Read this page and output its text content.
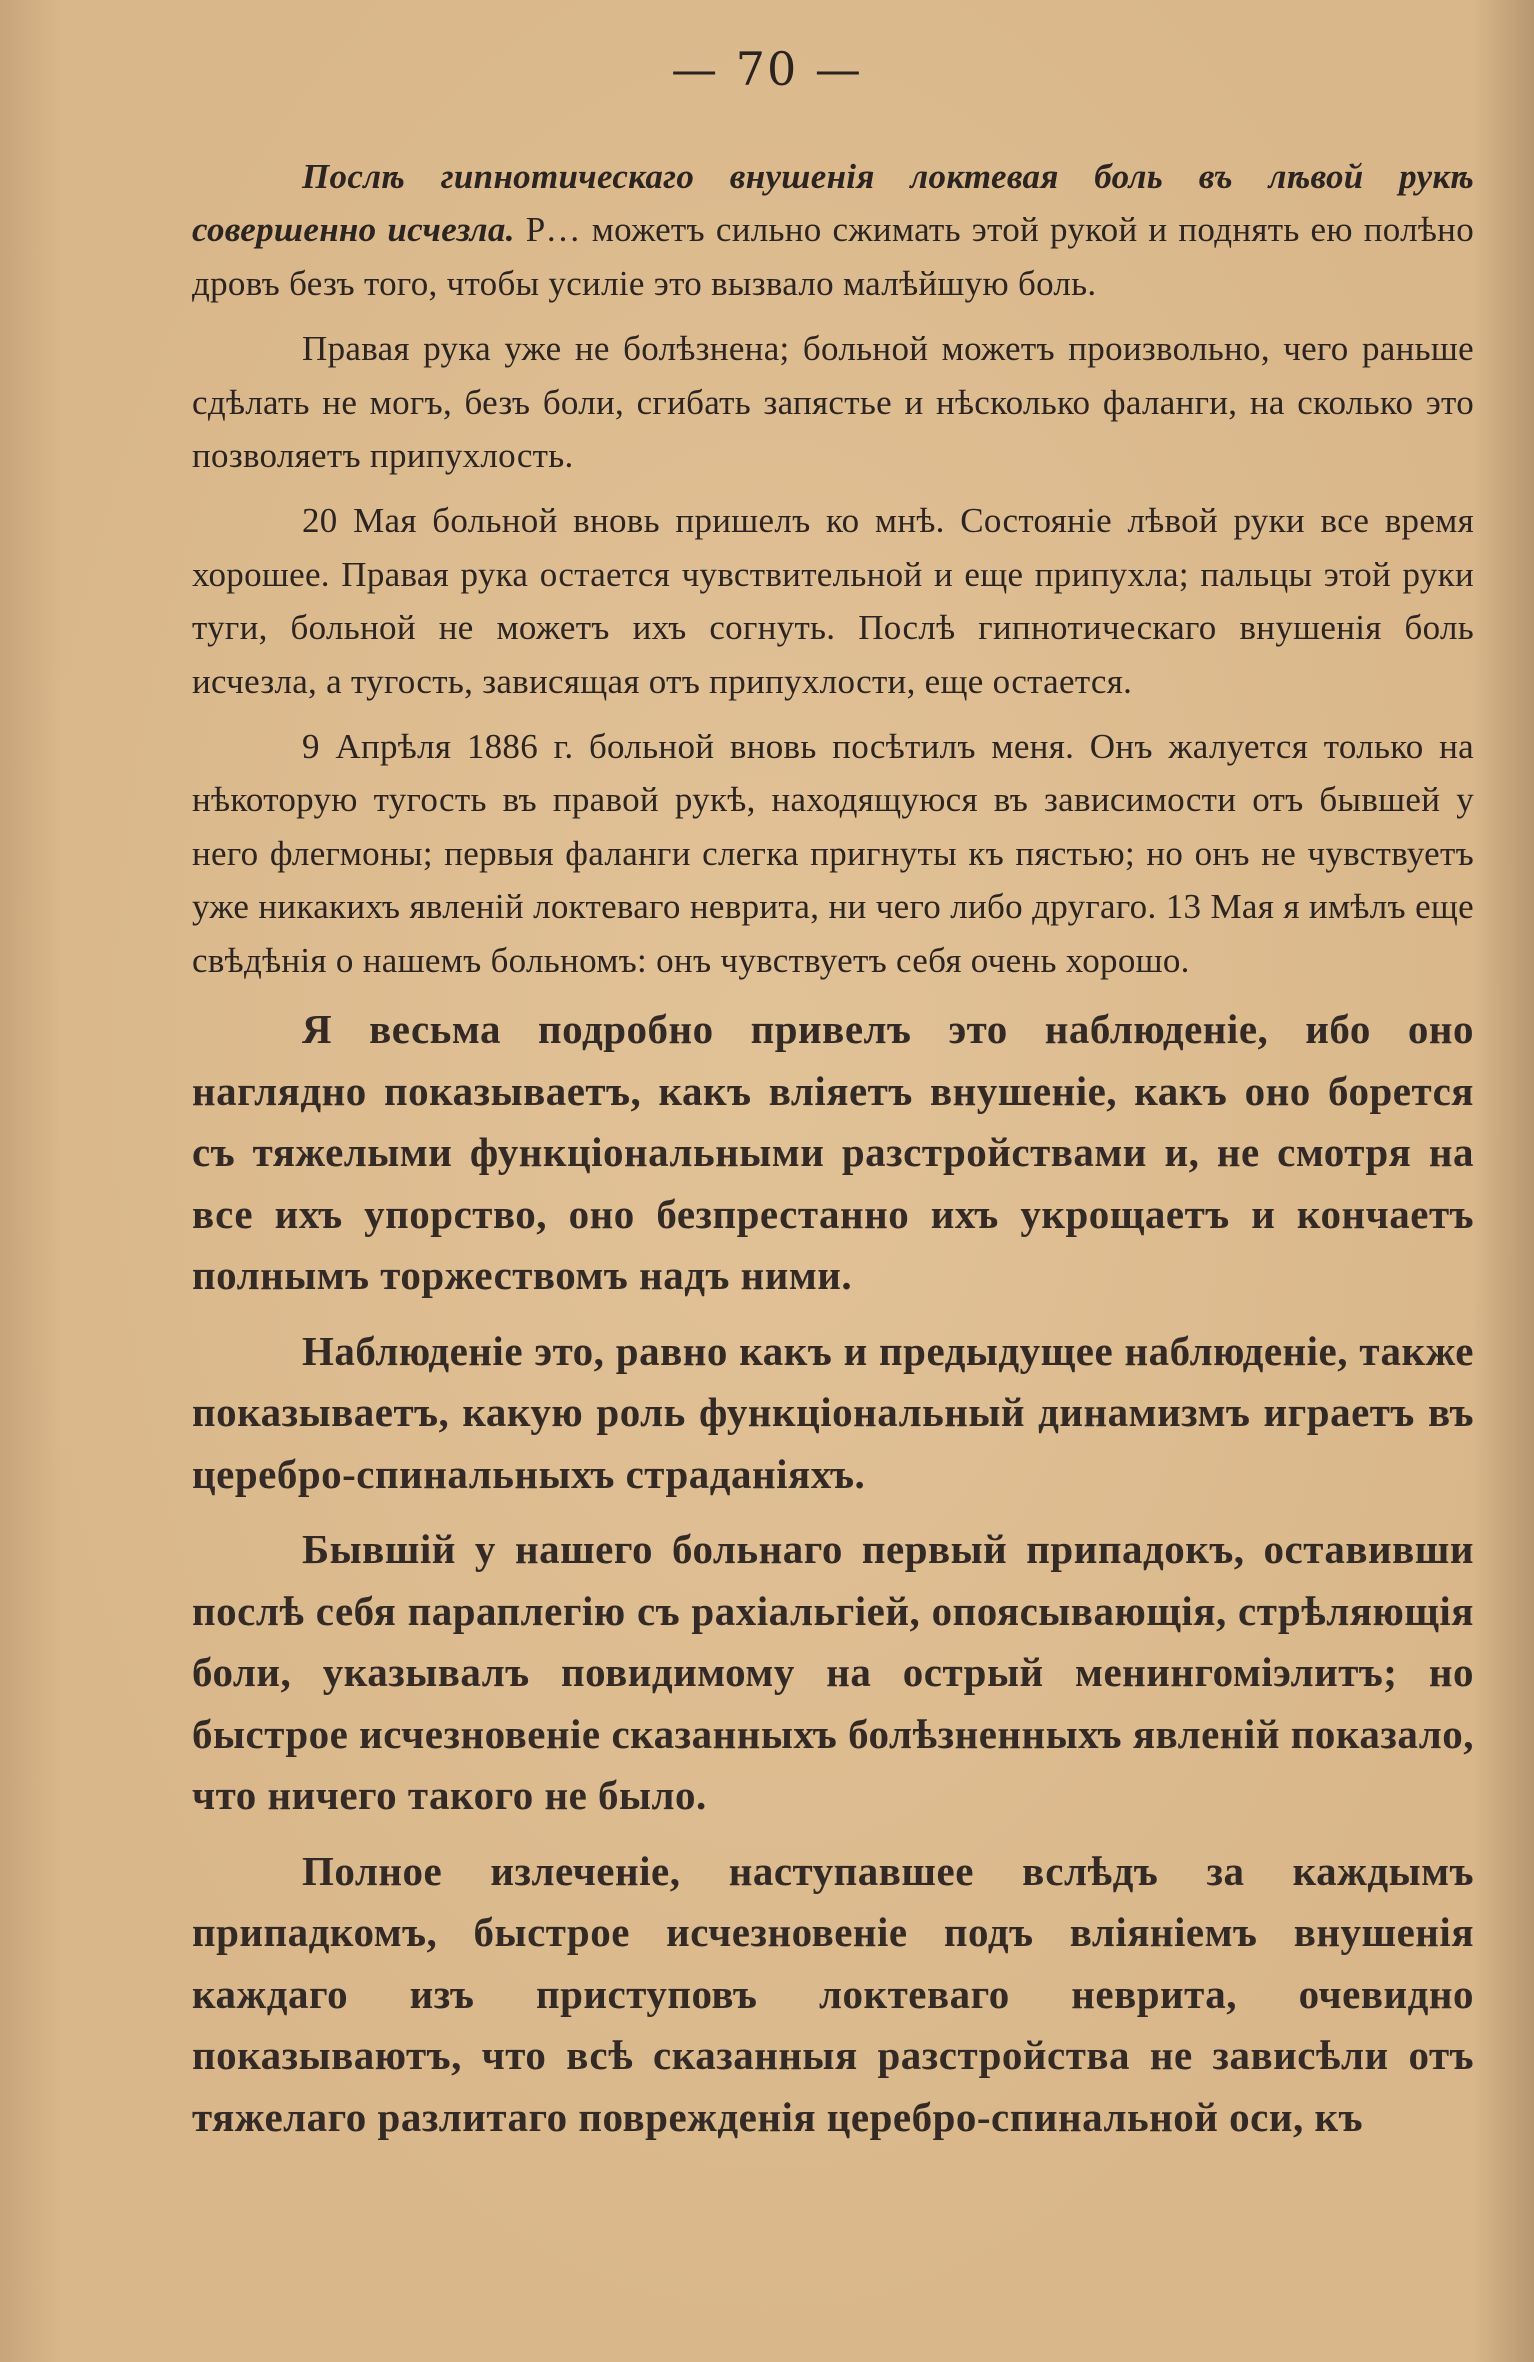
— 70 —

Послѣ гипнотическаго внушенія локтевая боль въ лѣвой рукѣ совершенно исчезла. Р… можетъ сильно сжимать этой рукой и поднять ею полѣно дровъ безъ того, чтобы усиліе это вызвало малѣйшую боль.

Правая рука уже не болѣзнена; больной можетъ произвольно, чего раньше сдѣлать не могъ, безъ боли, сгибать запястье и нѣсколько фаланги, на сколько это позволяетъ припухлость.

20 Мая больной вновь пришелъ ко мнѣ. Состояніе лѣвой руки все время хорошее. Правая рука остается чувствительной и еще припухла; пальцы этой руки туги, больной не можетъ ихъ согнуть. Послѣ гипнотическаго внушенія боль исчезла, а тугость, зависящая отъ припухлости, еще остается.

9 Апрѣля 1886 г. больной вновь посѣтилъ меня. Онъ жалуется только на нѣкоторую тугость въ правой рукѣ, находящуюся въ зависимости отъ бывшей у него флегмоны; первыя фаланги слегка пригнуты къ пястью; но онъ не чувствуетъ уже никакихъ явленій локтеваго неврита, ни чего либо другаго. 13 Мая я имѣлъ еще свѣдѣнія о нашемъ больномъ: онъ чувствуетъ себя очень хорошо.

Я весьма подробно привелъ это наблюденіе, ибо оно наглядно показываетъ, какъ вліяетъ внушеніе, какъ оно борется съ тяжелыми функціональными разстройствами и, не смотря на все ихъ упорство, оно безпрестанно ихъ укрощаетъ и кончаетъ полнымъ торжествомъ надъ ними.

Наблюденіе это, равно какъ и предыдущее наблюденіе, также показываетъ, какую роль функціональный динамизмъ играетъ въ церебро-спинальныхъ страданіяхъ.

Бывшій у нашего больнаго первый припадокъ, оставивши послѣ себя параплегію съ рахіальгіей, опоясывающія, стрѣляющія боли, указывалъ повидимому на острый менингоміэлитъ; но быстрое исчезновеніе сказанныхъ болѣзненныхъ явленій показало, что ничего такого не было.

Полное излеченіе, наступавшее вслѣдъ за каждымъ припадкомъ, быстрое исчезновеніе подъ вліяніемъ внушенія каждаго изъ приступовъ локтеваго неврита, очевидно показываютъ, что всѣ сказанныя разстройства не зависѣли отъ тяжелаго разлитаго поврежденія церебро-спинальной оси, къ
